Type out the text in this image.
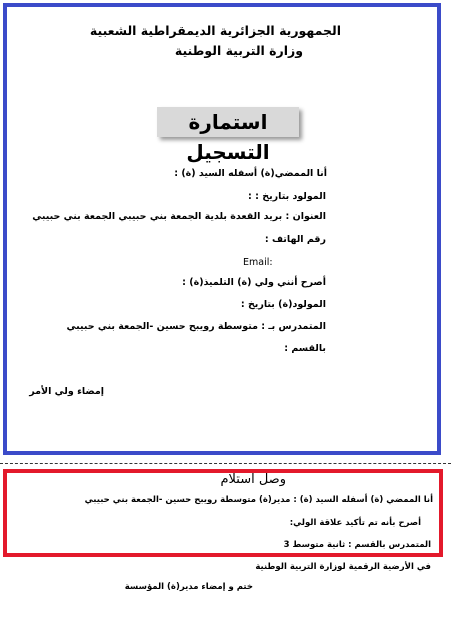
الجمهورية الجزائرية الديمقراطية الشعبية
وزارة التربية الوطنية
استمارة التسجيل
أنا الممضي(ة) أسفله السيد (ة) :
المولود بتاريخ : :
العنوان : بريد القعدة بلدية الجمعة بني حبيبي الجمعة بني حبيبي
رقم الهاتف :
Email:
أصرح أنني ولي (ة) التلميذ(ة) :
المولود(ة) بتاريخ :
المتمدرس بـ : متوسطة رويبح حسين -الجمعة بني حبيبي
بالقسم :
إمضاء ولي الأمر
وصل استلام
أنا الممضي (ة) أسفله السيد (ة) : مدير(ة) متوسطة رويبح حسين -الجمعة بني حبيبي
أصرح بأنه تم تأكيد علاقة الولي:
المتمدرس بالقسم : ثانية متوسط 3
في الأرضية الرقمية لوزارة التربية الوطنية
ختم و إمضاء مدير(ة) المؤسسة
